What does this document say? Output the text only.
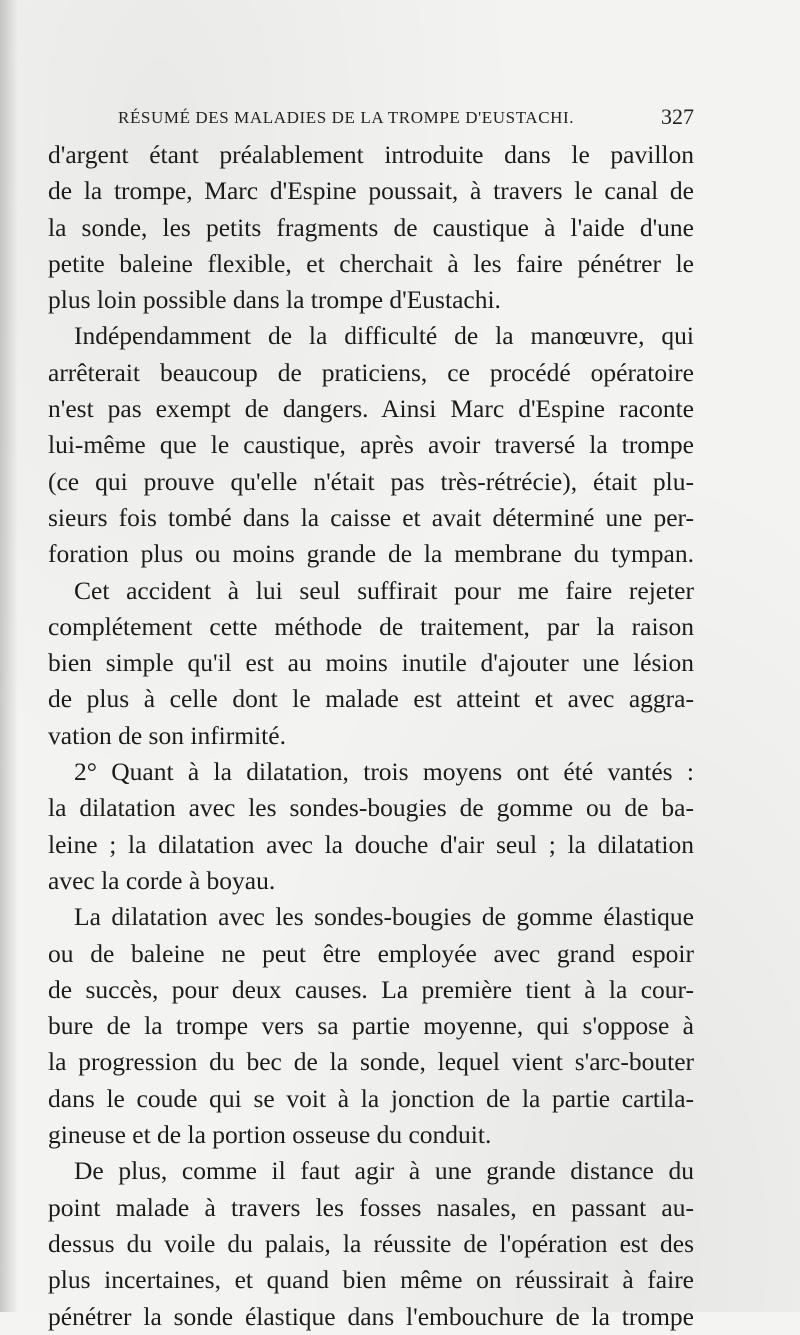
RÉSUMÉ DES MALADIES DE LA TROMPE D'EUSTACHI.	327
d'argent étant préalablement introduite dans le pavillon
de la trompe, Marc d'Espine poussait, à travers le canal de
la sonde, les petits fragments de caustique à l'aide d'une
petite baleine flexible, et cherchait à les faire pénétrer le
plus loin possible dans la trompe d'Eustachi.
Indépendamment de la difficulté de la manœuvre, qui
arrêterait beaucoup de praticiens, ce procédé opératoire
n'est pas exempt de dangers. Ainsi Marc d'Espine raconte
lui-même que le caustique, après avoir traversé la trompe
(ce qui prouve qu'elle n'était pas très-rétrécie), était plu-
sieurs fois tombé dans la caisse et avait déterminé une per-
foration plus ou moins grande de la membrane du tympan.
Cet accident à lui seul suffirait pour me faire rejeter
complétement cette méthode de traitement, par la raison
bien simple qu'il est au moins inutile d'ajouter une lésion
de plus à celle dont le malade est atteint et avec aggra-
vation de son infirmité.
2° Quant à la dilatation, trois moyens ont été vantés :
la dilatation avec les sondes-bougies de gomme ou de ba-
leine ; la dilatation avec la douche d'air seul ; la dilatation
avec la corde à boyau.
La dilatation avec les sondes-bougies de gomme élastique
ou de baleine ne peut être employée avec grand espoir
de succès, pour deux causes. La première tient à la cour-
bure de la trompe vers sa partie moyenne, qui s'oppose à
la progression du bec de la sonde, lequel vient s'arc-bouter
dans le coude qui se voit à la jonction de la partie cartila-
gineuse et de la portion osseuse du conduit.
De plus, comme il faut agir à une grande distance du
point malade à travers les fosses nasales, en passant au-
dessus du voile du palais, la réussite de l'opération est des
plus incertaines, et quand bien même on réussirait à faire
pénétrer la sonde élastique dans l'embouchure de la trompe
